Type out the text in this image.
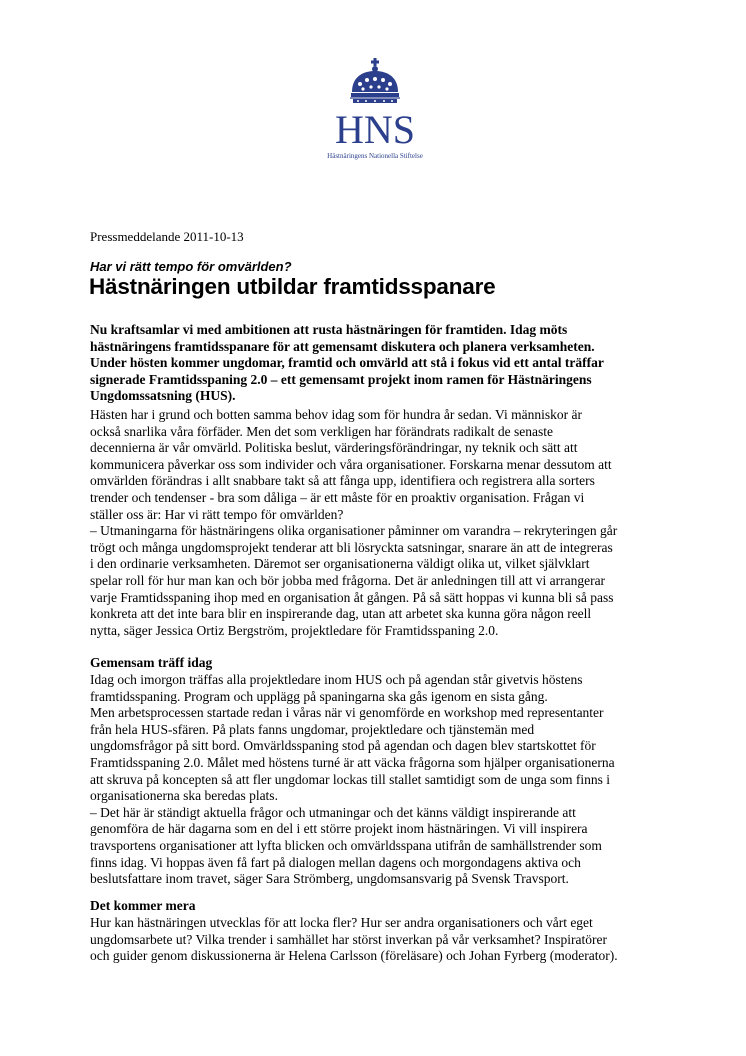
HNS
Hästnäringens Nationella Stiftelse
Pressmeddelande 2011-10-13
Har vi rätt tempo för omvärlden?
Hästnäringen utbildar framtidsspanare
Nu kraftsamlar vi med ambitionen att rusta hästnäringen för framtiden. Idag möts
hästnäringens framtidsspanare för att gemensamt diskutera och planera verksamheten.
Under hösten kommer ungdomar, framtid och omvärld att stå i fokus vid ett antal träffar
signerade Framtidsspaning 2.0 – ett gemensamt projekt inom ramen för Hästnäringens
Ungdomssatsning (HUS).
Hästen har i grund och botten samma behov idag som för hundra år sedan. Vi människor är
också snarlika våra förfäder. Men det som verkligen har förändrats radikalt de senaste
decennierna är vår omvärld. Politiska beslut, värderingsförändringar, ny teknik och sätt att
kommunicera påverkar oss som individer och våra organisationer. Forskarna menar dessutom att
omvärlden förändras i allt snabbare takt så att fånga upp, identifiera och registrera alla sorters
trender och tendenser - bra som dåliga – är ett måste för en proaktiv organisation. Frågan vi
ställer oss är: Har vi rätt tempo för omvärlden?
– Utmaningarna för hästnäringens olika organisationer påminner om varandra – rekryteringen går
trögt och många ungdomsprojekt tenderar att bli lösryckta satsningar, snarare än att de integreras
i den ordinarie verksamheten. Däremot ser organisationerna väldigt olika ut, vilket självklart
spelar roll för hur man kan och bör jobba med frågorna. Det är anledningen till att vi arrangerar
varje Framtidsspaning ihop med en organisation åt gången. På så sätt hoppas vi kunna bli så pass
konkreta att det inte bara blir en inspirerande dag, utan att arbetet ska kunna göra någon reell
nytta, säger Jessica Ortiz Bergström, projektledare för Framtidsspaning 2.0.
Gemensam träff idag
Idag och imorgon träffas alla projektledare inom HUS och på agendan står givetvis höstens
framtidsspaning. Program och upplägg på spaningarna ska gås igenom en sista gång.
Men arbetsprocessen startade redan i våras när vi genomförde en workshop med representanter
från hela HUS-sfären. På plats fanns ungdomar, projektledare och tjänstemän med
ungdomsfrågor på sitt bord. Omvärldsspaning stod på agendan och dagen blev startskottet för
Framtidsspaning 2.0. Målet med höstens turné är att väcka frågorna som hjälper organisationerna
att skruva på koncepten så att fler ungdomar lockas till stallet samtidigt som de unga som finns i
organisationerna ska beredas plats.
– Det här är ständigt aktuella frågor och utmaningar och det känns väldigt inspirerande att
genomföra de här dagarna som en del i ett större projekt inom hästnäringen. Vi vill inspirera
travsportens organisationer att lyfta blicken och omvärldsspana utifrån de samhällstrender som
finns idag. Vi hoppas även få fart på dialogen mellan dagens och morgondagens aktiva och
beslutsfattare inom travet, säger Sara Strömberg, ungdomsansvarig på Svensk Travsport.
Det kommer mera
Hur kan hästnäringen utvecklas för att locka fler? Hur ser andra organisationers och vårt eget
ungdomsarbete ut? Vilka trender i samhället har störst inverkan på vår verksamhet? Inspiratörer
och guider genom diskussionerna är Helena Carlsson (föreläsare) och Johan Fyrberg (moderator).
